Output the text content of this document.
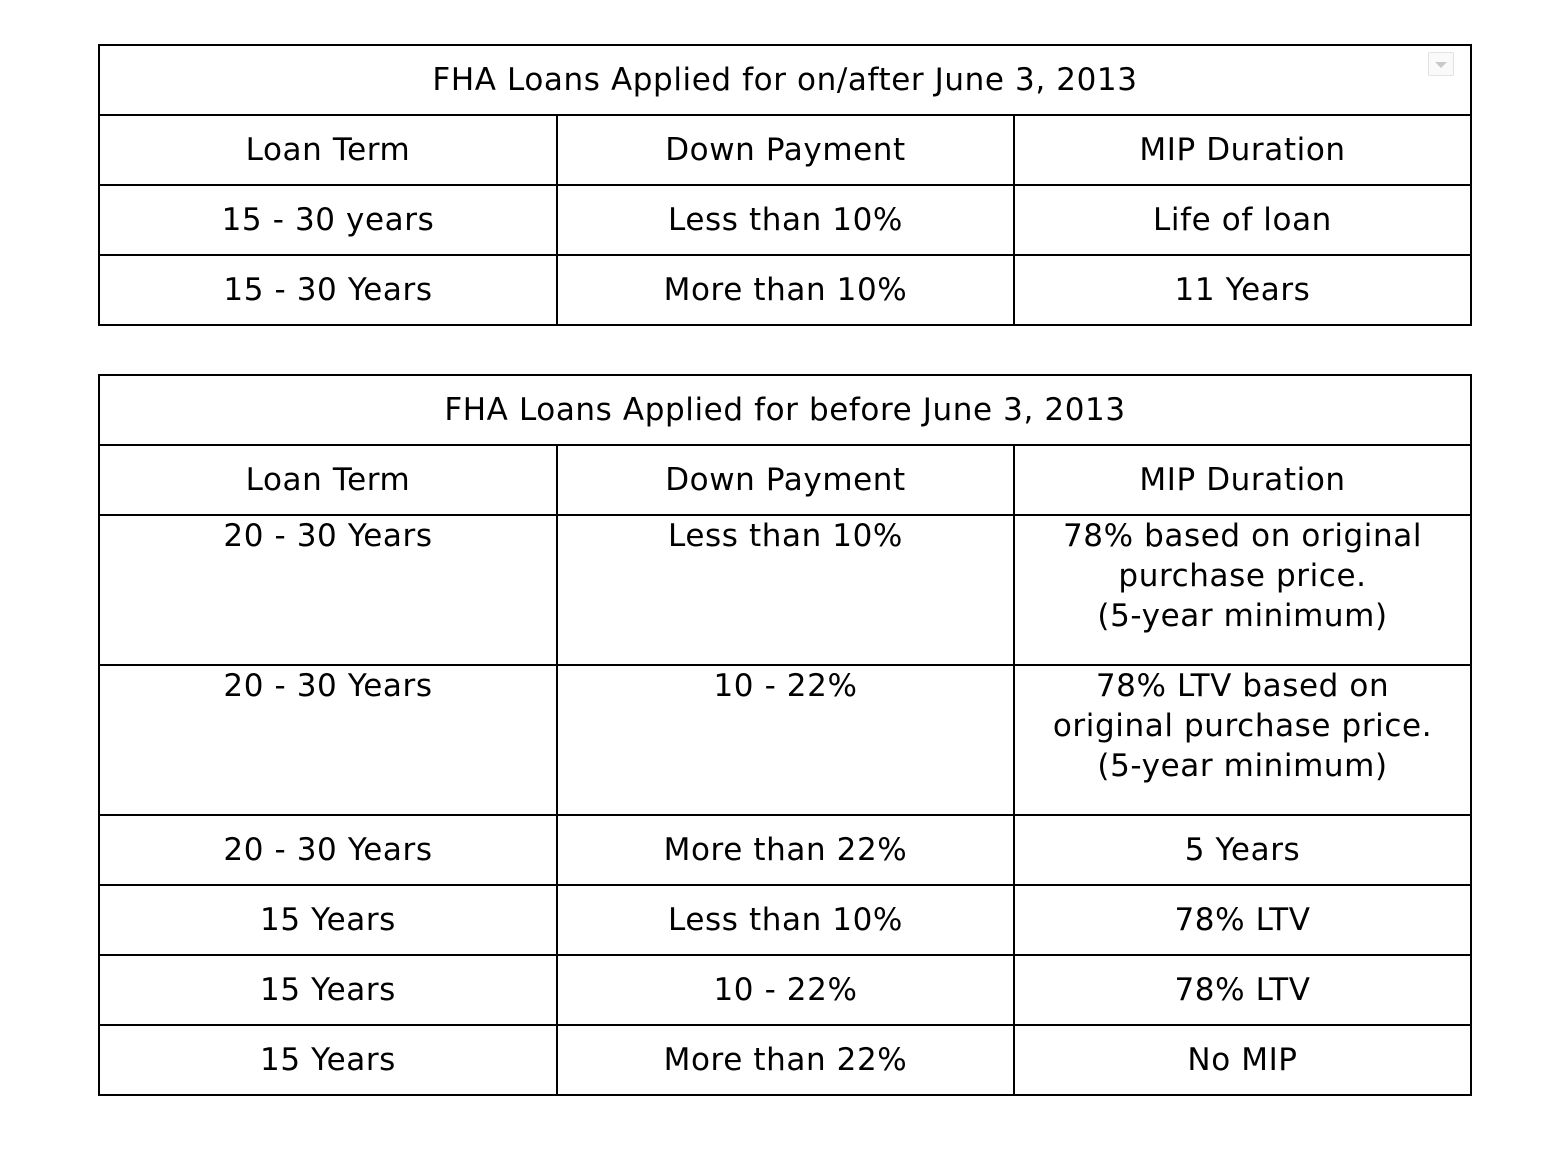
FHA Loans Applied for on/after June 3, 2013		

Loan Term	Down Payment	MIP Duration
15 - 30 years	Less than 10%	Life of loan
15 - 30 Years	More than 10%	11 Years
FHA Loans Applied for before June 3, 2013		
Loan Term	Down Payment	MIP Duration
20 - 30 Years	Less than 10%	78% based on original
purchase price.
(5-year minimum)

20 - 30 Years	10 - 22%	78% LTV based on
original purchase price.
(5-year minimum)

20 - 30 Years	More than 22%	5 Years
15 Years	Less than 10%	78% LTV
15 Years	10 - 22%	78% LTV
15 Years	More than 22%	No MIP
